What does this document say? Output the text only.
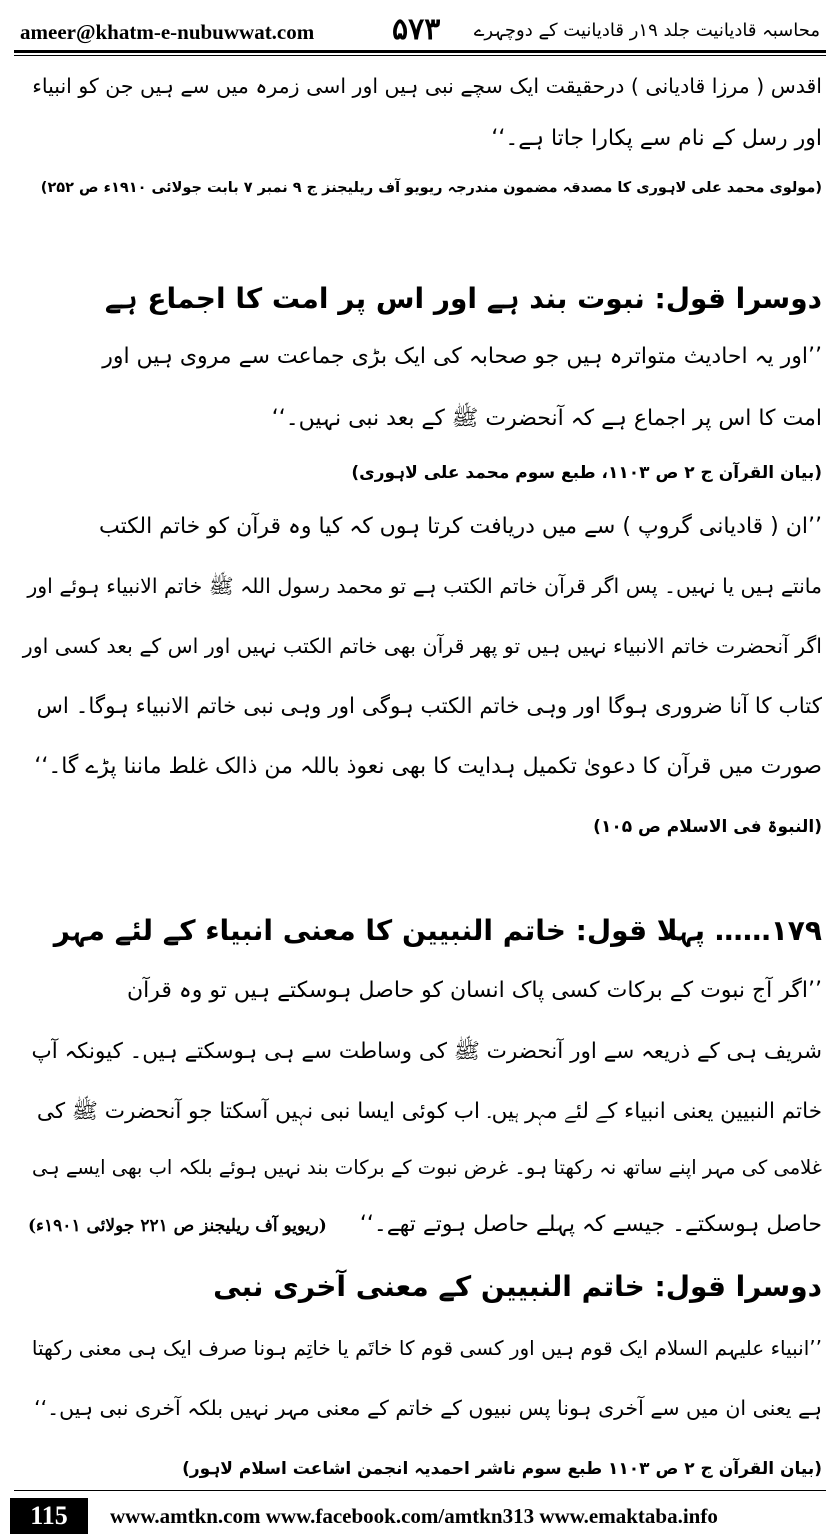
ameer@khatm-e-nubuwwat.com	۵۷۳ محاسبہ قادیانیت جلد ۱۹ر قادیانیت کے دوچہرے
اقدس ( مرزا قادیانی ) درحقیقت ایک سچے نبی ہیں اور اسی زمرہ میں سے ہیں جن کو انبیاء
اور رسل کے نام سے پکارا جاتا ہے۔‘‘
(مولوی محمد علی لاہوری کا مصدقہ مضمون مندرجہ ریویو آف ریلیجنز ج ۹ نمبر ۷ بابت جولائی ۱۹۱۰ء ص ۲۵۲)
دوسرا قول: نبوت بند ہے اور اس پر امت کا اجماع ہے
’’اور یہ احادیث متواترہ ہیں جو صحابہ کی ایک بڑی جماعت سے مروی ہیں اور
امت کا اس پر اجماع ہے کہ آنحضرت ﷺ کے بعد نبی نہیں۔‘‘
(بیان القرآن ج ۲ ص ۱۱۰۳، طبع سوم محمد علی لاہوری)
’’ان ( قادیانی گروپ ) سے میں دریافت کرتا ہوں کہ کیا وہ قرآن کو خاتم الکتب
مانتے ہیں یا نہیں۔ پس اگر قرآن خاتم الکتب ہے تو محمد رسول اللہ ﷺ خاتم الانبیاء ہوئے اور
اگر آنحضرت خاتم الانبیاء نہیں ہیں تو پھر قرآن بھی خاتم الکتب نہیں اور اس کے بعد کسی اور
کتاب کا آنا ضروری ہوگا اور وہی خاتم الکتب ہوگی اور وہی نبی خاتم الانبیاء ہوگا۔ اس
صورت میں قرآن کا دعویٰ تکمیل ہدایت کا بھی نعوذ باللہ من ذالک غلط ماننا پڑے گا۔‘‘
(النبوۃ فی الاسلام ص ۱۰۵)
۱۷۹…… پہلا قول: خاتم النبیین کا معنی انبیاء کے لئے مہر
’’اگر آج نبوت کے برکات کسی پاک انسان کو حاصل ہوسکتے ہیں تو وہ قرآن
شریف ہی کے ذریعہ سے اور آنحضرت ﷺ کی وساطت سے ہی ہوسکتے ہیں۔ کیونکہ آپ
خاتم النبیین یعنی انبیاء کے لئے مہر ہیں۔ اب کوئی ایسا نبی نہیں آسکتا جو آنحضرت ﷺ کی
غلامی کی مہر اپنے ساتھ نہ رکھتا ہو۔ غرض نبوت کے برکات بند نہیں ہوئے بلکہ اب بھی ایسے ہی
حاصل ہوسکتے۔ جیسے کہ پہلے حاصل ہوتے تھے۔‘‘
(ریویو آف ریلیجنز ص ۲۲۱ جولائی ۱۹۰۱ء)
دوسرا قول: خاتم النبیین کے معنی آخری نبی
’’انبیاء علیہم السلام ایک قوم ہیں اور کسی قوم کا خاتَم یا خاتِم ہونا صرف ایک ہی معنی رکھتا
ہے یعنی ان میں سے آخری ہونا پس نبیوں کے خاتم کے معنی مہر نہیں بلکہ آخری نبی ہیں۔‘‘
(بیان القرآن ج ۲ ص ۱۱۰۳ طبع سوم ناشر احمدیہ انجمن اشاعت اسلام لاہور)
115	www.amtkn.com www.facebook.com/amtkn313 www.emaktaba.info
